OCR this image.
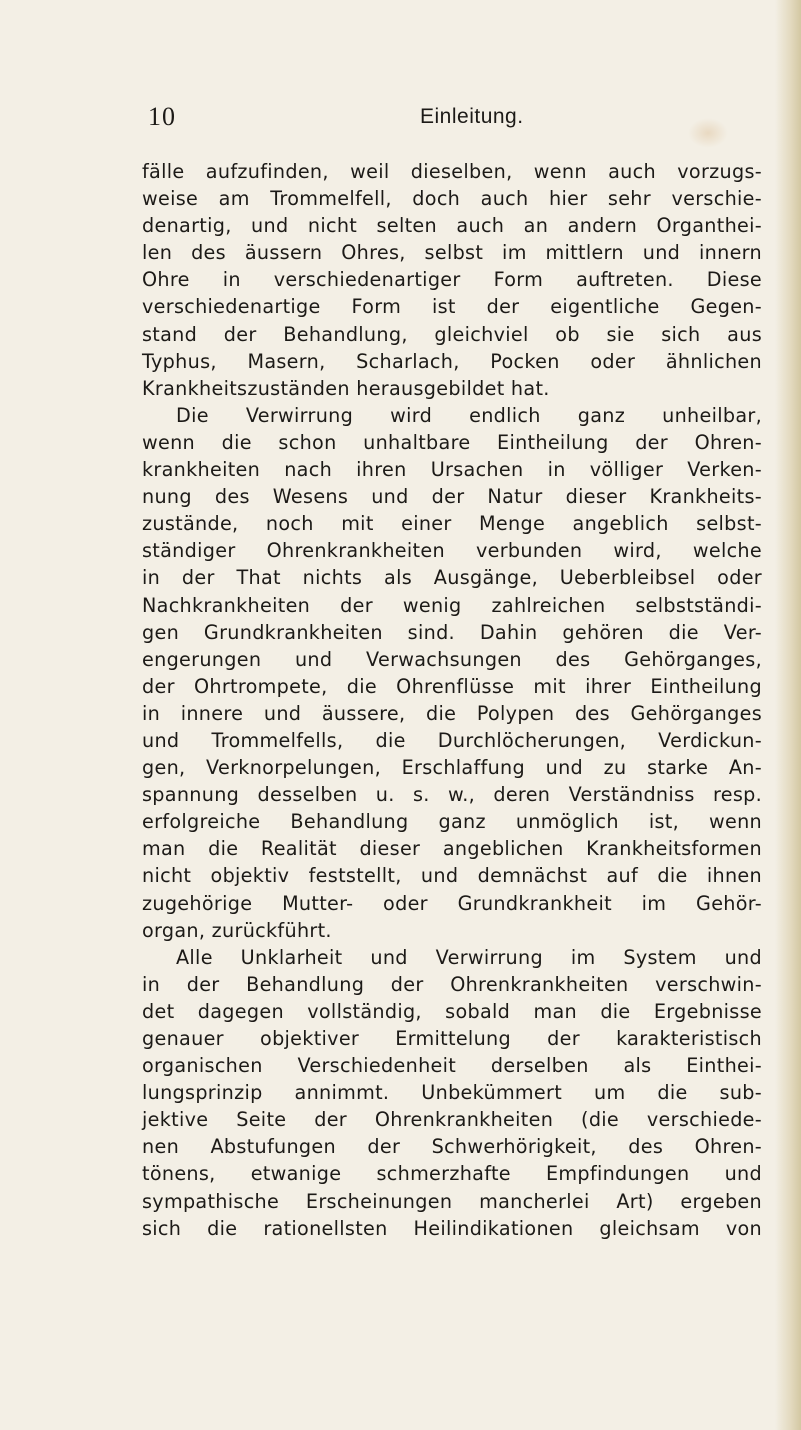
10	Einleitung.
fälle aufzufinden, weil dieselben, wenn auch vorzugs-
weise am Trommelfell, doch auch hier sehr verschie-
denartig, und nicht selten auch an andern Organthei-
len des äussern Ohres, selbst im mittlern und innern
Ohre in verschiedenartiger Form auftreten. Diese
verschiedenartige Form ist der eigentliche Gegen-
stand der Behandlung, gleichviel ob sie sich aus
Typhus, Masern, Scharlach, Pocken oder ähnlichen
Krankheitszuständen herausgebildet hat.
Die Verwirrung wird endlich ganz unheilbar,
wenn die schon unhaltbare Eintheilung der Ohren-
krankheiten nach ihren Ursachen in völliger Verken-
nung des Wesens und der Natur dieser Krankheits-
zustände, noch mit einer Menge angeblich selbst-
ständiger Ohrenkrankheiten verbunden wird, welche
in der That nichts als Ausgänge, Ueberbleibsel oder
Nachkrankheiten der wenig zahlreichen selbstständi-
gen Grundkrankheiten sind. Dahin gehören die Ver-
engerungen und Verwachsungen des Gehörganges,
der Ohrtrompete, die Ohrenflüsse mit ihrer Eintheilung
in innere und äussere, die Polypen des Gehörganges
und Trommelfells, die Durchlöcherungen, Verdickun-
gen, Verknorpelungen, Erschlaffung und zu starke An-
spannung desselben u. s. w., deren Verständniss resp.
erfolgreiche Behandlung ganz unmöglich ist, wenn
man die Realität dieser angeblichen Krankheitsformen
nicht objektiv feststellt, und demnächst auf die ihnen
zugehörige Mutter- oder Grundkrankheit im Gehör-
organ, zurückführt.
Alle Unklarheit und Verwirrung im System und
in der Behandlung der Ohrenkrankheiten verschwin-
det dagegen vollständig, sobald man die Ergebnisse
genauer objektiver Ermittelung der karakteristisch
organischen Verschiedenheit derselben als Einthei-
lungsprinzip annimmt. Unbekümmert um die sub-
jektive Seite der Ohrenkrankheiten (die verschiede-
nen Abstufungen der Schwerhörigkeit, des Ohren-
tönens, etwanige schmerzhafte Empfindungen und
sympathische Erscheinungen mancherlei Art) ergeben
sich die rationellsten Heilindikationen gleichsam von
